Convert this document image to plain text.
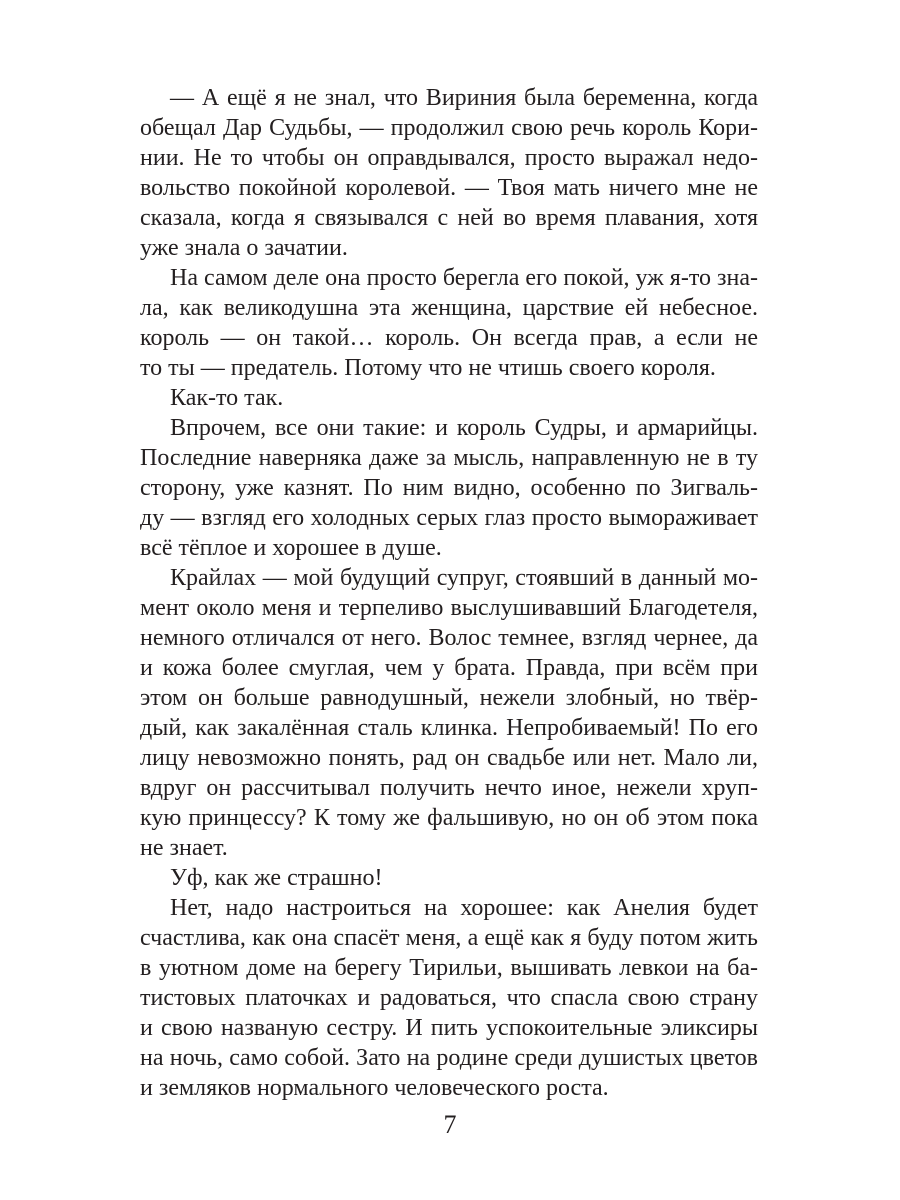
— А ещё я не знал, что Вириния была беременна, когда
обещал Дар Судьбы, — продолжил свою речь король Кори-
нии. Не то чтобы он оправдывался, просто выражал недо-
вольство покойной королевой. — Твоя мать ничего мне не
сказала, когда я связывался с ней во время плавания, хотя
уже знала о зачатии.
На самом деле она просто берегла его покой, уж я-то зна-
ла, как великодушна эта женщина, царствие ей небесное.
король — он такой… король. Он всегда прав, а если не
то ты — предатель. Потому что не чтишь своего короля.
Как-то так.
Впрочем, все они такие: и король Судры, и армарийцы.
Последние наверняка даже за мысль, направленную не в ту
сторону, уже казнят. По ним видно, особенно по Зигваль-
ду — взгляд его холодных серых глаз просто вымораживает
всё тёплое и хорошее в душе.
Крайлах — мой будущий супруг, стоявший в данный мо-
мент около меня и терпеливо выслушивавший Благодетеля,
немного отличался от него. Волос темнее, взгляд чернее, да
и кожа более смуглая, чем у брата. Правда, при всём при
этом он больше равнодушный, нежели злобный, но твёр-
дый, как закалённая сталь клинка. Непробиваемый! По его
лицу невозможно понять, рад он свадьбе или нет. Мало ли,
вдруг он рассчитывал получить нечто иное, нежели хруп-
кую принцессу? К тому же фальшивую, но он об этом пока
не знает.
Уф, как же страшно!
Нет, надо настроиться на хорошее: как Анелия будет
счастлива, как она спасёт меня, а ещё как я буду потом жить
в уютном доме на берегу Тирильи, вышивать левкои на ба-
тистовых платочках и радоваться, что спасла свою страну
и свою названую сестру. И пить успокоительные эликсиры
на ночь, само собой. Зато на родине среди душистых цветов
и земляков нормального человеческого роста.
7
